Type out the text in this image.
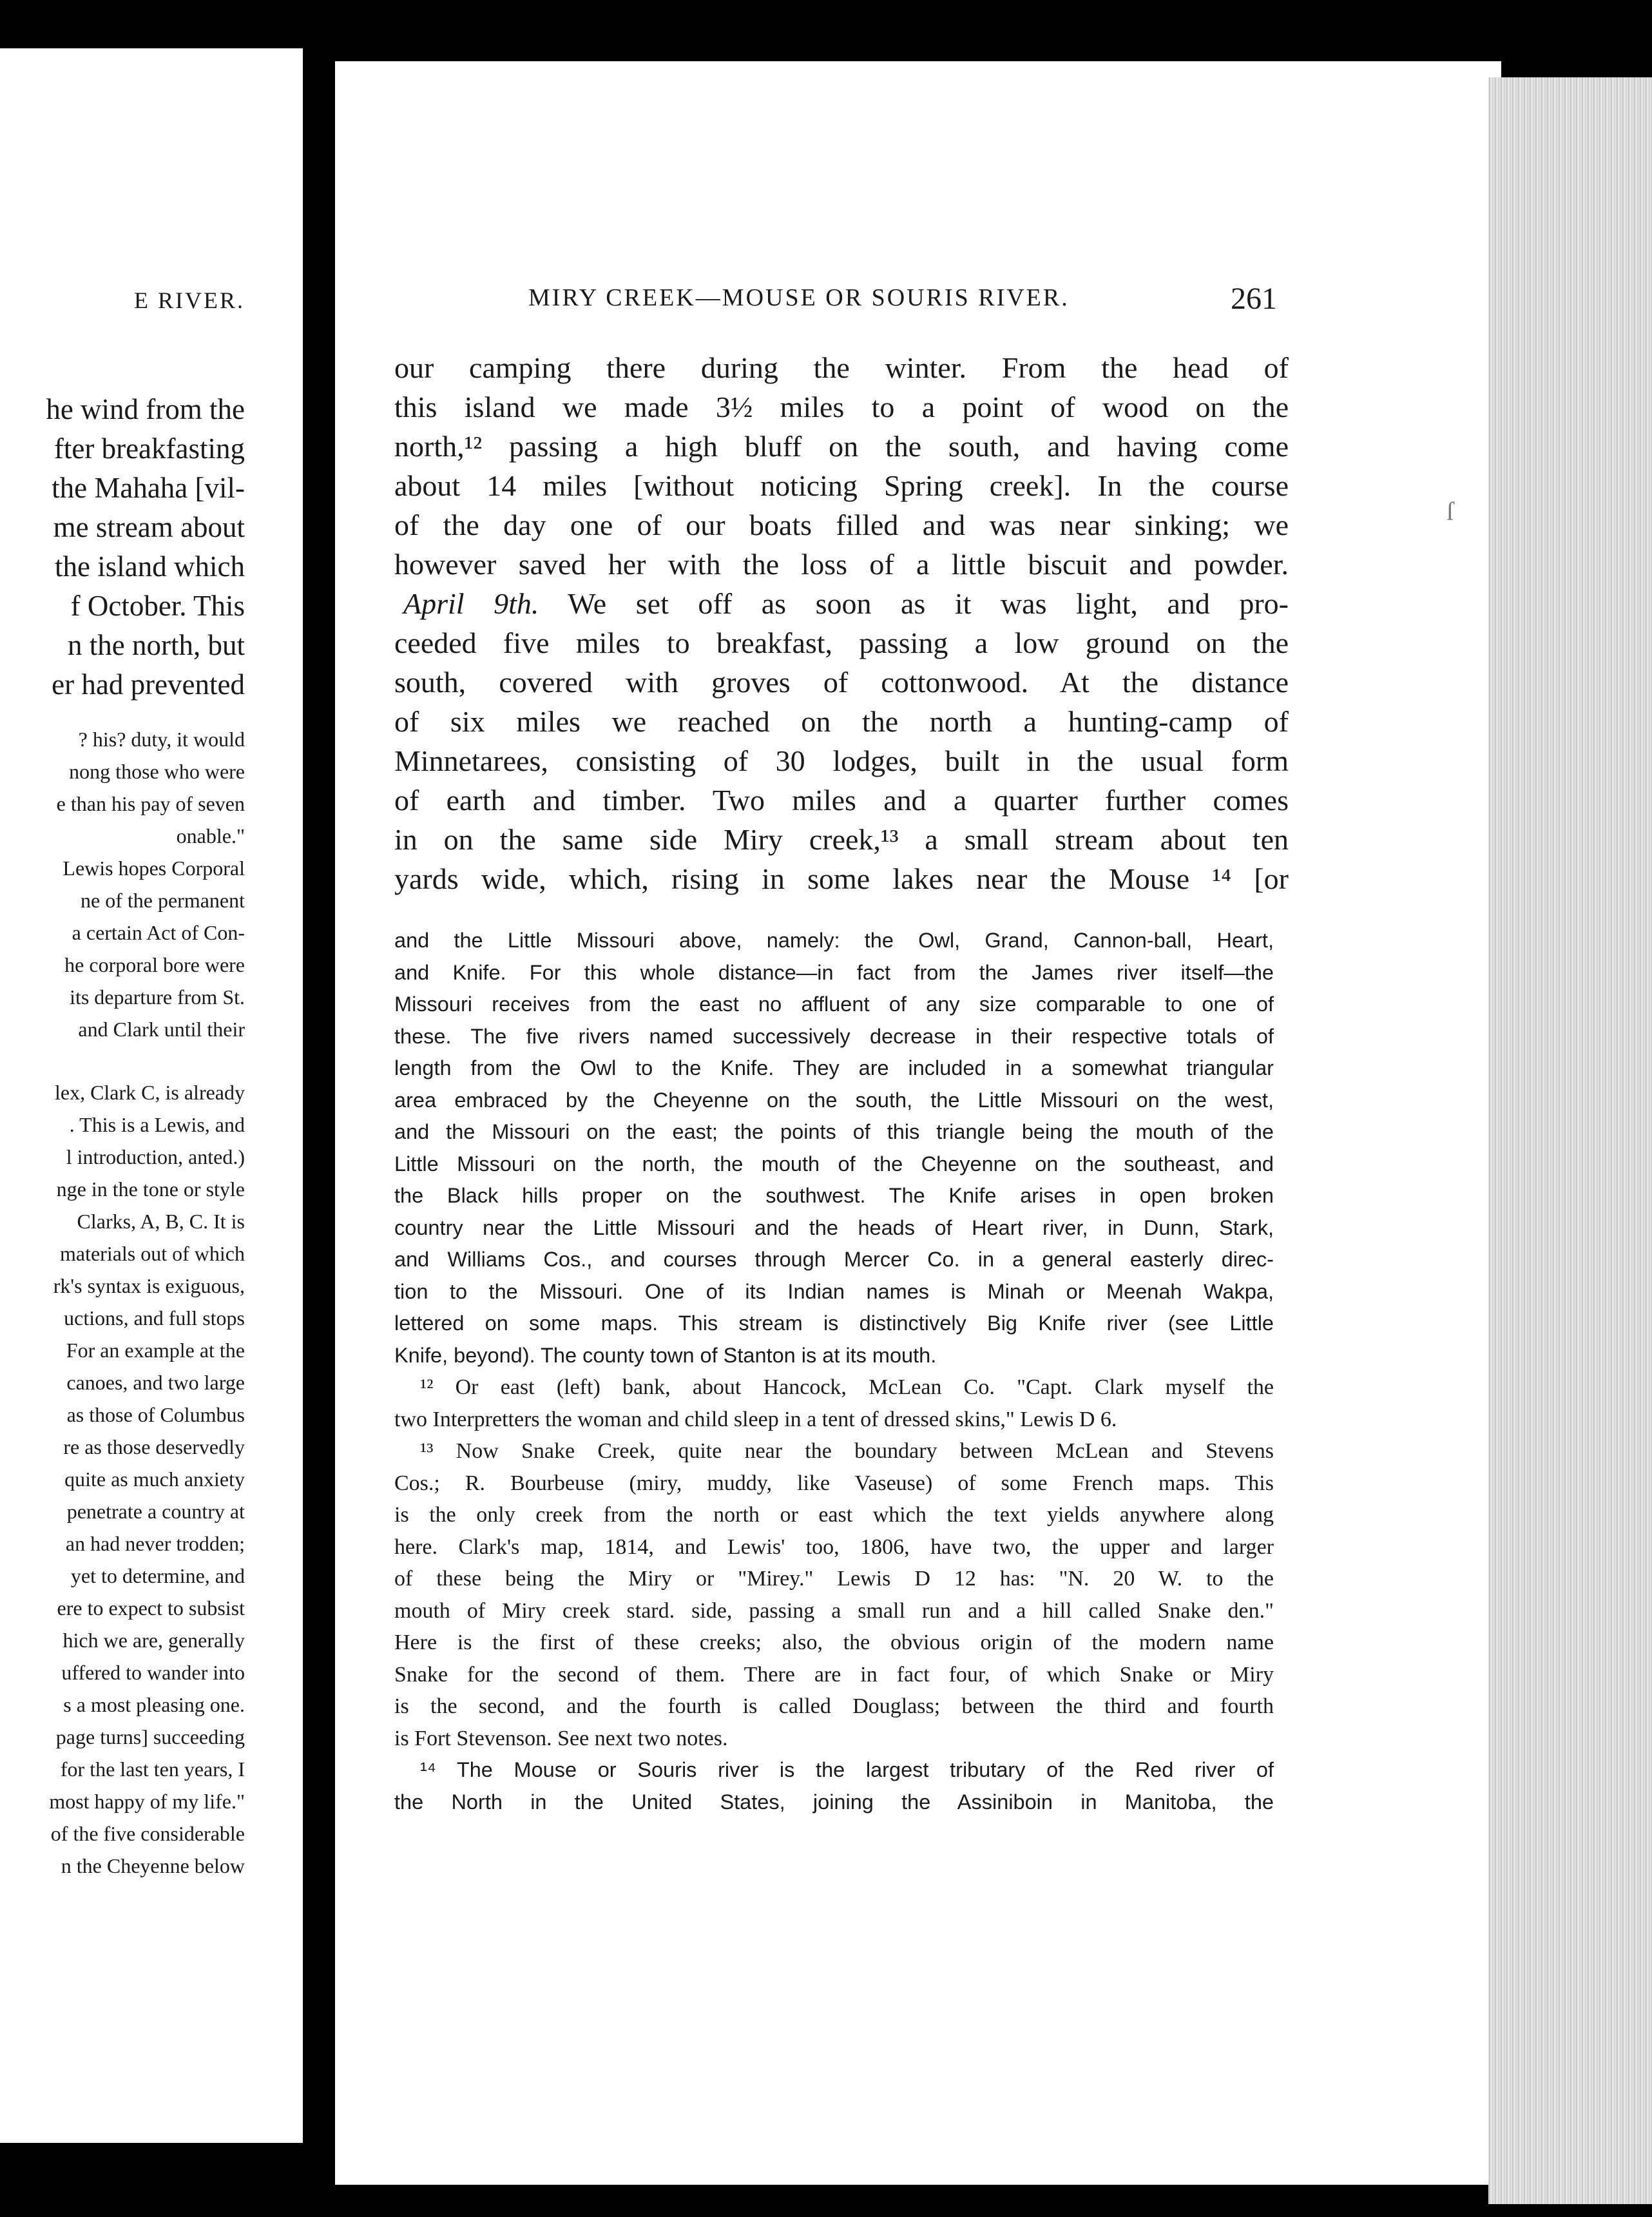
E RIVER.
he wind from the
fter breakfasting
the Mahaha [vil-
me stream about
the island which
f October. This
n the north, but
er had prevented
? his? duty, it would
nong those who were
e than his pay of seven
onable."
Lewis hopes Corporal
ne of the permanent
a certain Act of Con-
he corporal bore were
its departure from St.
and Clark until their
lex, Clark C, is already
. This is a Lewis, and
l introduction, anted.)
nge in the tone or style
Clarks, A, B, C. It is
materials out of which
rk's syntax is exiguous,
uctions, and full stops
For an example at the
canoes, and two large
as those of Columbus
re as those deservedly
quite as much anxiety
penetrate a country at
an had never trodden;
yet to determine, and
ere to expect to subsist
hich we are, generally
uffered to wander into
s a most pleasing one.
page turns] succeeding
for the last ten years, I
most happy of my life."
of the five considerable
n the Cheyenne below
MIRY CREEK—MOUSE OR SOURIS RIVER.	261
ſ
our camping there during the winter. From the head of
this island we made 3½ miles to a point of wood on the
north,¹² passing a high bluff on the south, and having come
about 14 miles [without noticing Spring creek]. In the course
of the day one of our boats filled and was near sinking; we
however saved her with the loss of a little biscuit and powder.
April 9th. We set off as soon as it was light, and pro-
ceeded five miles to breakfast, passing a low ground on the
south, covered with groves of cottonwood. At the distance
of six miles we reached on the north a hunting-camp of
Minnetarees, consisting of 30 lodges, built in the usual form
of earth and timber. Two miles and a quarter further comes
in on the same side Miry creek,¹³ a small stream about ten
yards wide, which, rising in some lakes near the Mouse ¹⁴ [or
and the Little Missouri above, namely: the Owl, Grand, Cannon-ball, Heart,
and Knife. For this whole distance—in fact from the James river itself—the
Missouri receives from the east no affluent of any size comparable to one of
these. The five rivers named successively decrease in their respective totals of
length from the Owl to the Knife. They are included in a somewhat triangular
area embraced by the Cheyenne on the south, the Little Missouri on the west,
and the Missouri on the east; the points of this triangle being the mouth of the
Little Missouri on the north, the mouth of the Cheyenne on the southeast, and
the Black hills proper on the southwest. The Knife arises in open broken
country near the Little Missouri and the heads of Heart river, in Dunn, Stark,
and Williams Cos., and courses through Mercer Co. in a general easterly direc-
tion to the Missouri. One of its Indian names is Minah or Meenah Wakpa,
lettered on some maps. This stream is distinctively Big Knife river (see Little
Knife, beyond). The county town of Stanton is at its mouth.
¹² Or east (left) bank, about Hancock, McLean Co. "Capt. Clark myself the
two Interpretters the woman and child sleep in a tent of dressed skins," Lewis D 6.
¹³ Now Snake Creek, quite near the boundary between McLean and Stevens
Cos.; R. Bourbeuse (miry, muddy, like Vaseuse) of some French maps. This
is the only creek from the north or east which the text yields anywhere along
here. Clark's map, 1814, and Lewis' too, 1806, have two, the upper and larger
of these being the Miry or "Mirey." Lewis D 12 has: "N. 20 W. to the
mouth of Miry creek stard. side, passing a small run and a hill called Snake den."
Here is the first of these creeks; also, the obvious origin of the modern name
Snake for the second of them. There are in fact four, of which Snake or Miry
is the second, and the fourth is called Douglass; between the third and fourth
is Fort Stevenson. See next two notes.
¹⁴ The Mouse or Souris river is the largest tributary of the Red river of
the North in the United States, joining the Assiniboin in Manitoba, the
